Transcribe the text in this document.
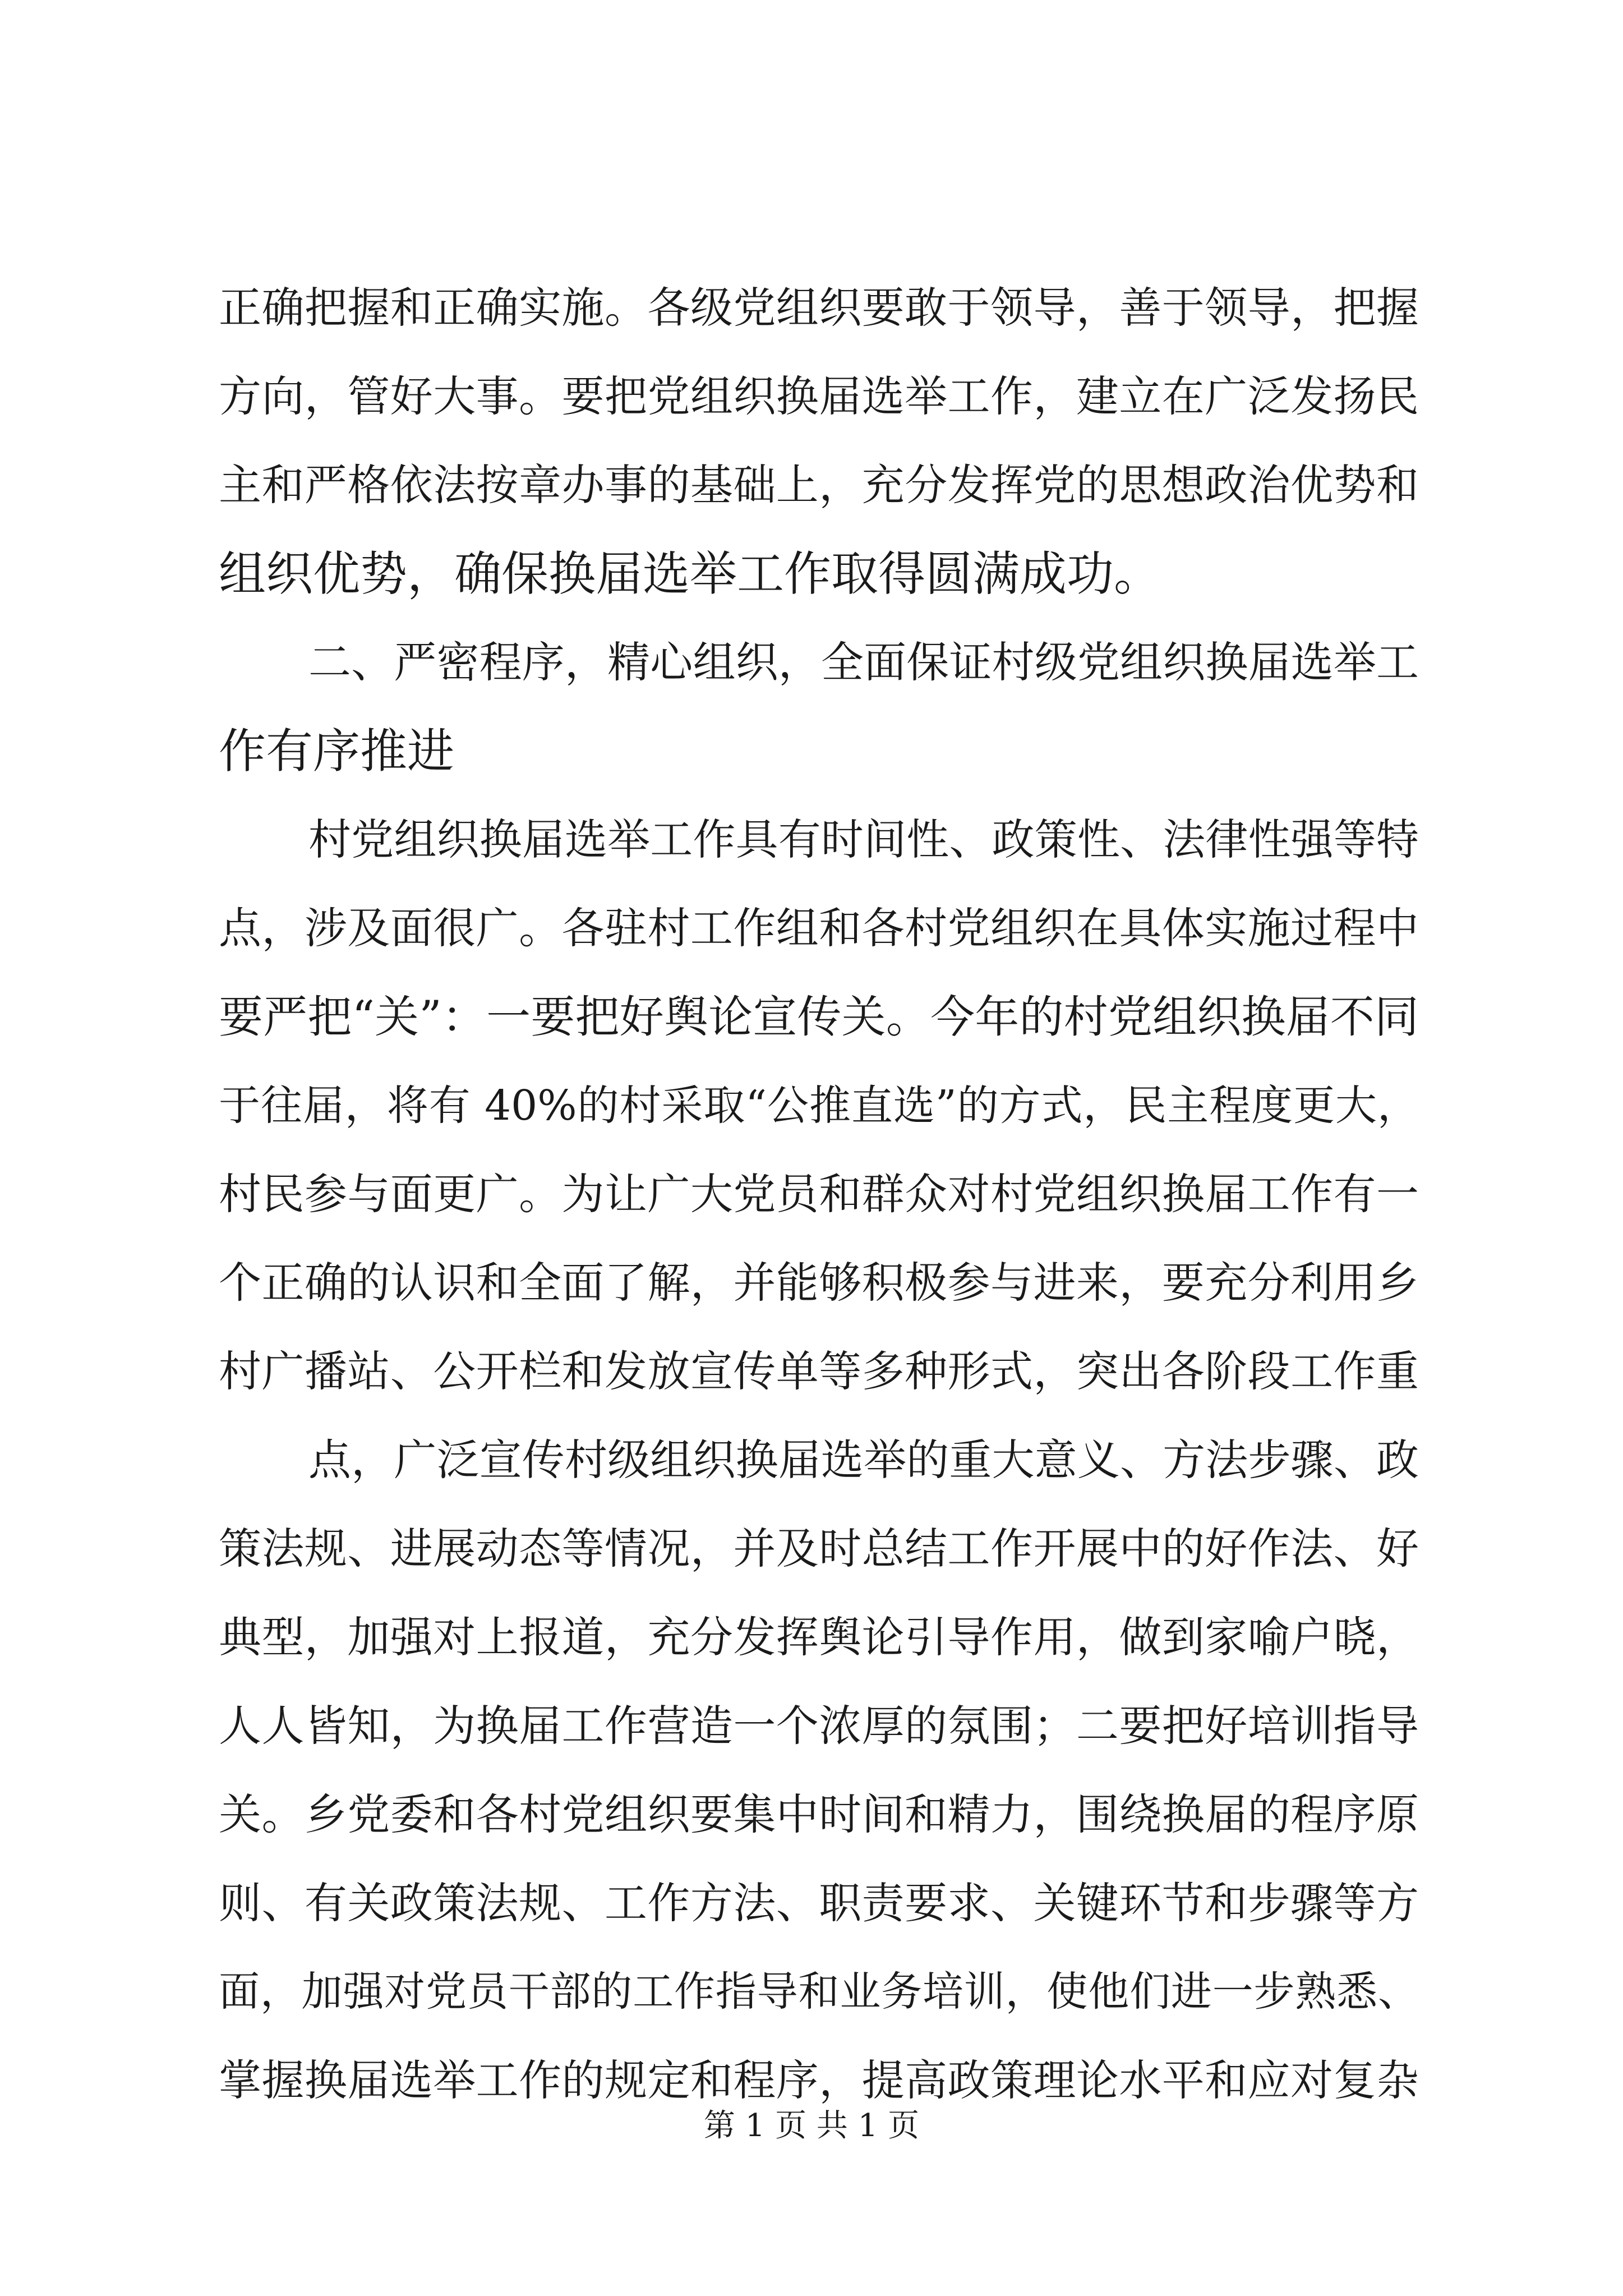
正确把握和正确实施。各级党组织要敢于领导，善于领导，把握
方向，管好大事。要把党组织换届选举工作，建立在广泛发扬民
主和严格依法按章办事的基础上，充分发挥党的思想政治优势和
组织优势，确保换届选举工作取得圆满成功。
二、严密程序，精心组织，全面保证村级党组织换届选举工
作有序推进
村党组织换届选举工作具有时间性、政策性、法律性强等特
点，涉及面很广。各驻村工作组和各村党组织在具体实施过程中
要严把“关”：一要把好舆论宣传关。今年的村党组织换届不同
于往届，将有 40%的村采取“公推直选”的方式，民主程度更大，
村民参与面更广。为让广大党员和群众对村党组织换届工作有一
个正确的认识和全面了解，并能够积极参与进来，要充分利用乡
村广播站、公开栏和发放宣传单等多种形式，突出各阶段工作重
点，广泛宣传村级组织换届选举的重大意义、方法步骤、政
策法规、进展动态等情况，并及时总结工作开展中的好作法、好
典型，加强对上报道，充分发挥舆论引导作用，做到家喻户晓，
人人皆知，为换届工作营造一个浓厚的氛围；二要把好培训指导
关。乡党委和各村党组织要集中时间和精力，围绕换届的程序原
则、有关政策法规、工作方法、职责要求、关键环节和步骤等方
面，加强对党员干部的工作指导和业务培训，使他们进一步熟悉、
掌握换届选举工作的规定和程序，提高政策理论水平和应对复杂
第 1 页 共 1 页
